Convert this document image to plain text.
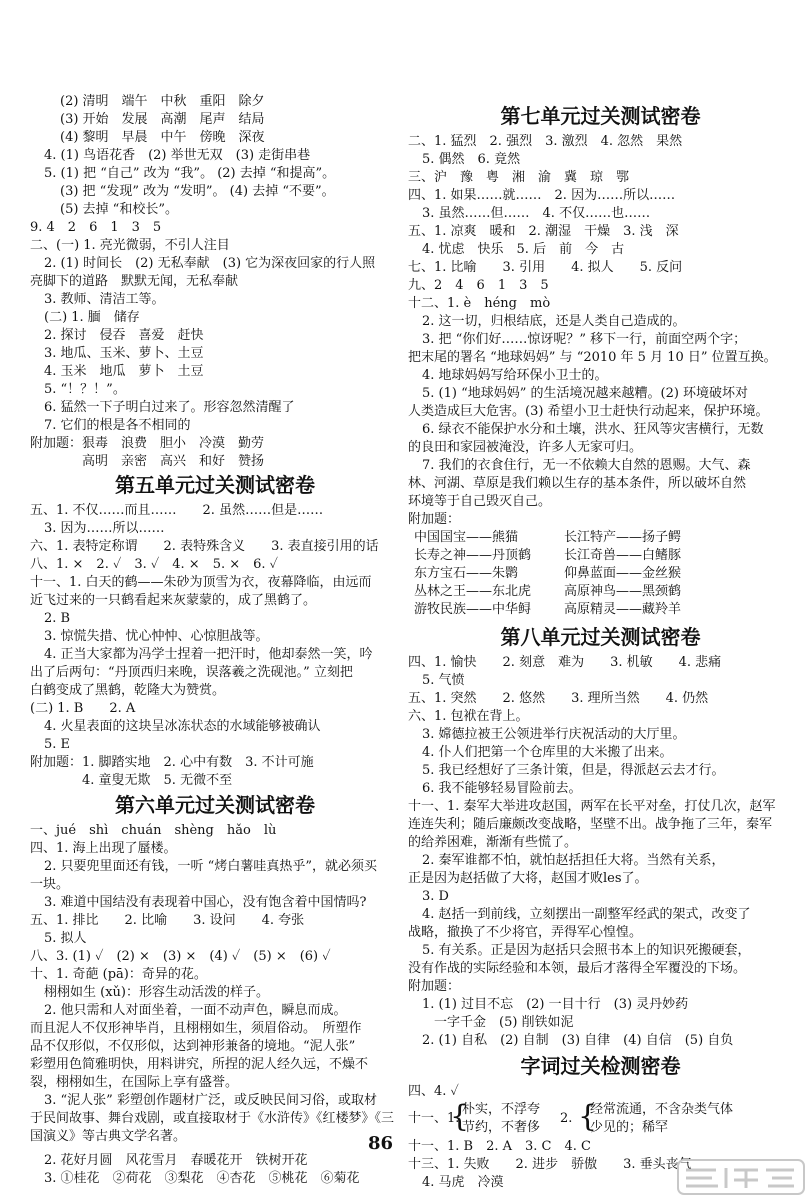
(2) 清明　端午　中秋　重阳　除夕
(3) 开始　发展　高潮　尾声　结局
(4) 黎明　早晨　中午　傍晚　深夜
4. (1) 鸟语花香　(2) 举世无双　(3) 走街串巷
5. (1) 把 “自己” 改为 “我”。 (2) 去掉 “和提高”。
(3) 把 “发现” 改为 “发明”。 (4) 去掉 “不要”。
(5) 去掉 “和校长”。
9. 4　2　6　1　3　5
二、(一) 1. 亮光微弱，不引人注目
2. (1) 时间长　(2) 无私奉献　(3) 它为深夜回家的行人照
亮脚下的道路　默默无闻，无私奉献
3. 教师、清洁工等。
(二) 1. 腼　储存
2. 探讨　侵吞　喜爱　赶快
3. 地瓜、玉米、萝卜、土豆
4. 玉米　地瓜　萝卜　土豆
5. “！？！”。
6. 猛然一下子明白过来了。形容忽然清醒了
7. 它们的根是各不相同的
附加题：狠毒　浪费　胆小　冷漠　勤劳
高明　亲密　高兴　和好　赞扬
第五单元过关测试密卷
五、1. 不仅……而且……　　2. 虽然……但是……
3. 因为……所以……
六、1. 表特定称谓　　2. 表特殊含义　　3. 表直接引用的话
八、1. ×　2. ✓　3. ✓　4. ×　5. ×　6. ✓
十一、1. 白天的鹤——朱砂为顶雪为衣，夜幕降临，由远而
近飞过来的一只鹤看起来灰蒙蒙的，成了黑鹤了。
2. B
3. 惊慌失措、忧心忡忡、心惊胆战等。
4. 正当大家都为冯学士捏着一把汗时，他却泰然一笑，吟
出了后两句：“丹顶西归来晚，误落羲之洗砚池。” 立刻把
白鹤变成了黑鹤，乾隆大为赞赏。
(二) 1. B　　2. A
4. 火星表面的这块呈冰冻状态的水域能够被确认
5. E
附加题：1. 脚踏实地　2. 心中有数　3. 不计可施
4. 童叟无欺　5. 无微不至
第六单元过关测试密卷
一、jué　shì　chuán　shèng　hǎo　lù
四、1. 海上出现了蜃楼。
2. 只要兜里面还有钱，一听 “烤白薯哇真热乎”，就必须买
一块。
3. 难道中国结没有表现着中国心，没有饱含着中国情吗?
五、1. 排比　　2. 比喻　　3. 设问　　4. 夸张
5. 拟人
八、3. (1) ✓　(2) ×　(3) ×　(4) ✓　(5) ×　(6) ✓
十、1. 奇葩 (pā)：奇异的花。
栩栩如生 (xǔ)：形容生动活泼的样子。
2. 他只需和人对面坐着，一面不动声色，瞬息而成。
而且泥人不仅形神毕肖，且栩栩如生，须眉俗动。　所塑作
品不仅形似，不仅形似，达到神形兼备的境地。“泥人张”
彩塑用色简雅明快，用料讲究，所捏的泥人经久远，不燥不
裂，栩栩如生，在国际上享有盛誉。
3. “泥人张” 彩塑创作题材广泛，或反映民间习俗，或取材
于民间故事、舞台戏剧，或直接取材于《水浒传》《红楼梦》《三
国演义》等古典文学名著。
2. 花好月圆　风花雪月　春暖花开　铁树开花
3. ①桂花　②荷花　③梨花　④杏花　⑤桃花　⑥菊花
第七单元过关测试密卷
二、1. 猛烈　2. 强烈　3. 激烈　4. 忽然　果然
5. 偶然　6. 竟然
三、沪　豫　粤　湘　渝　冀　琼　鄂
四、1. 如果……就……　2. 因为……所以……
3. 虽然……但……　4. 不仅……也……
五、1. 凉爽　暖和　2. 潮湿　干燥　3. 浅　深
4. 忧虑　快乐　5. 后　前　今　古
七、1. 比喻　　3. 引用　　4. 拟人　　5. 反问
九、2　4　6　1　3　5
十二、1. è　héng　mò
2. 这一切，归根结底，还是人类自己造成的。
3. 把 “你们好……惊讶呢？” 移下一行，前面空两个字；
把末尾的署名 “地球妈妈” 与 “2010 年 5 月 10 日” 位置互换。
4. 地球妈妈写给环保小卫士的。
5. (1) “地球妈妈” 的生活境况越来越糟。(2) 环境破坏对
人类造成巨大危害。(3) 希望小卫士赶快行动起来，保护环境。
6. 绿衣不能保护水分和土壤，洪水、狂风等灾害横行，无数
的良田和家园被淹没，许多人无家可归。
7. 我们的衣食住行，无一不依赖大自然的恩赐。大气、森
林、河湖、草原是我们赖以生存的基本条件，所以破坏自然
环境等于自己毁灭自己。
附加题：
中国国宝——熊猫	长江特产——扬子鳄
长寿之神——丹顶鹤	长江奇兽——白鳍豚
东方宝石——朱鹮	仰鼻蓝面——金丝猴
丛林之王——东北虎	高原神鸟——黑颈鹤
游牧民族——中华鲟	高原精灵——藏羚羊
第八单元过关测试密卷
四、1. 愉快　　2. 刻意　难为　　3. 机敏　　4. 悲痛
5. 气愤
五、1. 突然　　2. 悠然　　3. 理所当然　　4. 仍然
六、1. 包袱在背上。
3. 嫦德拉被王公领进举行庆祝活动的大厅里。
4. 仆人们把第一个仓库里的大米搬了出来。
5. 我已经想好了三条计策，但是，得派赵云去才行。
6. 我不能够轻易冒险前去。
十一、1. 秦军大举进攻赵国，两军在长平对垒，打仗几次，赵军
连连失利；随后廉颇改变战略，坚壁不出。战争拖了三年，秦军
的给养困难，渐渐有些慌了。
2. 秦军谁都不怕，就怕赵括担任大将。当然有关系，
正是因为赵括做了大将，赵国才败les了。
3. D
4. 赵括一到前线，立刻摆出一副整军经武的架式，改变了
战略，撤换了不少将官，弄得军心惶惶。
5. 有关系。正是因为赵括只会照书本上的知识死搬硬套，
没有作战的实际经验和本领，最后才落得全军覆没的下场。
附加题：
1. (1) 过目不忘　(2) 一目十行　(3) 灵丹妙药
一字千金　(5) 削铁如泥
2. (1) 自私　(2) 自制　(3) 自律　(4) 自信　(5) 自负
字词过关检测密卷
四、4. ✓
十一、1.
{
朴实，不浮夸
节约，不奢侈
2. {
经常流通，不含杂类气体
少见的；稀罕
十一、1. B　2. A　3. C　4. C
十三、1. 失败　　2. 进步　骄傲　　3. 垂头丧气
4. 马虎　冷漠
86
